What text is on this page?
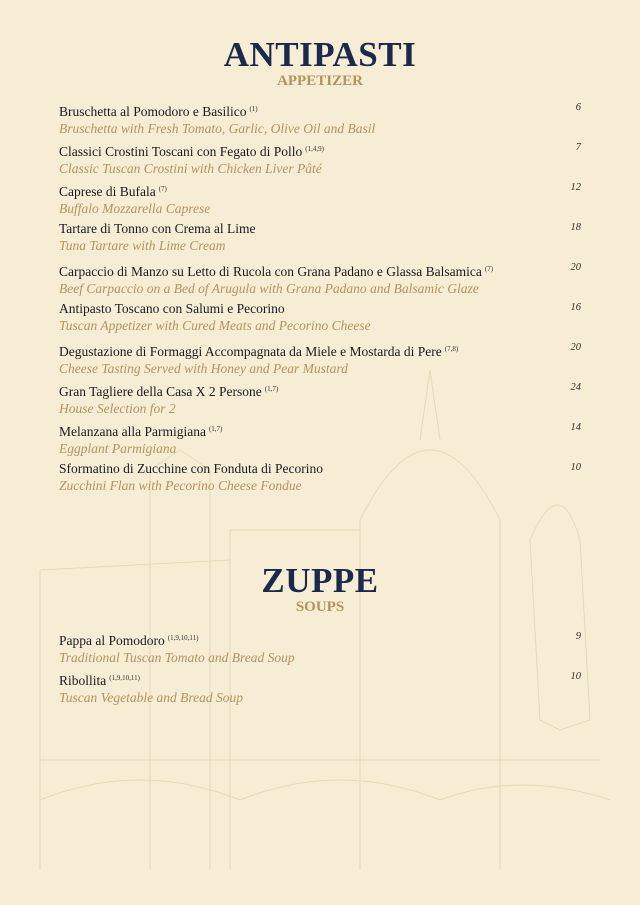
ANTIPASTI
APPETIZER
Bruschetta al Pomodoro e Basilico $^{(1)}$
Bruschetta with Fresh Tomato, Garlic, Olive Oil and Basil
6
Classici Crostini Toscani con Fegato di Pollo $^{(1,4,9)}$
Classic Tuscan Crostini with Chicken Liver Pâté
7
Caprese di Bufala $^{(7)}$
Buffalo Mozzarella Caprese
12
Tartare di Tonno con Crema al Lime
Tuna Tartare with Lime Cream
18
Carpaccio di Manzo su Letto di Rucola con Grana Padano e Glassa Balsamica $^{(7)}$
Beef Carpaccio on a Bed of Arugula with Grana Padano and Balsamic Glaze
20
Antipasto Toscano con Salumi e Pecorino
Tuscan Appetizer with Cured Meats and Pecorino Cheese
16
Degustazione di Formaggi Accompagnata da Miele e Mostarda di Pere $^{(7,8)}$
Cheese Tasting Served with Honey and Pear Mustard
20
Gran Tagliere della Casa X 2 Persone $^{(1,7)}$
House Selection for 2
24
Melanzana alla Parmigiana $^{(1,7)}$
Eggplant Parmigiana
14
Sformatino di Zucchine con Fonduta di Pecorino
Zucchini Flan with Pecorino Cheese Fondue
10
ZUPPE
SOUPS
Pappa al Pomodoro $^{(1,9,10,11)}$
Traditional Tuscan Tomato and Bread Soup
9
Ribollita $^{(1,9,10,11)}$
Tuscan Vegetable and Bread Soup
10
